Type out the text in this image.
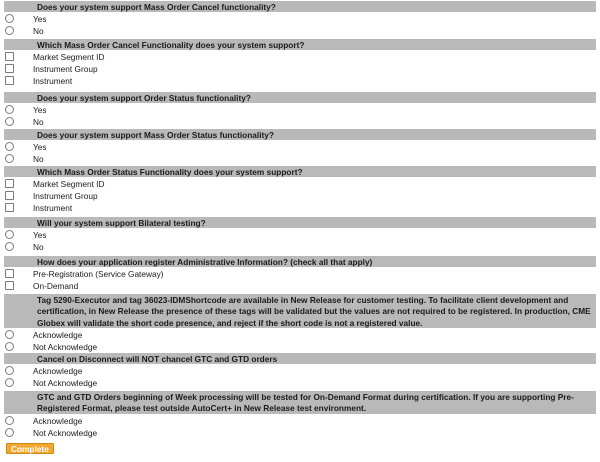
Does your system support Mass Order Cancel functionality?
Yes
No
Which Mass Order Cancel Functionality does your system support?
Market Segment ID
Instrument Group
Instrument
Does your system support Order Status functionality?
Yes
No
Does your system support Mass Order Status functionality?
Yes
No
Which Mass Order Status Functionality does your system support?
Market Segment ID
Instrument Group
Instrument
Will your system support Bilateral testing?
Yes
No
How does your application register Administrative Information? (check all that apply)
Pre-Registration (Service Gateway)
On-Demand
Tag 5290-Executor and tag 36023-IDMShortcode are available in New Release for customer testing. To facilitate client development and certification, in New Release the presence of these tags will be validated but the values are not required to be registered. In production, CME Globex will validate the short code presence, and reject if the short code is not a registered value.
Acknowledge
Not Acknowledge
Cancel on Disconnect will NOT chancel GTC and GTD orders
Acknowledge
Not Acknowledge
GTC and GTD Orders beginning of Week processing will be tested for On-Demand Format during certification. If you are supporting Pre-Registered Format, please test outside AutoCert+ in New Release test environment.
Acknowledge
Not Acknowledge
Complete
